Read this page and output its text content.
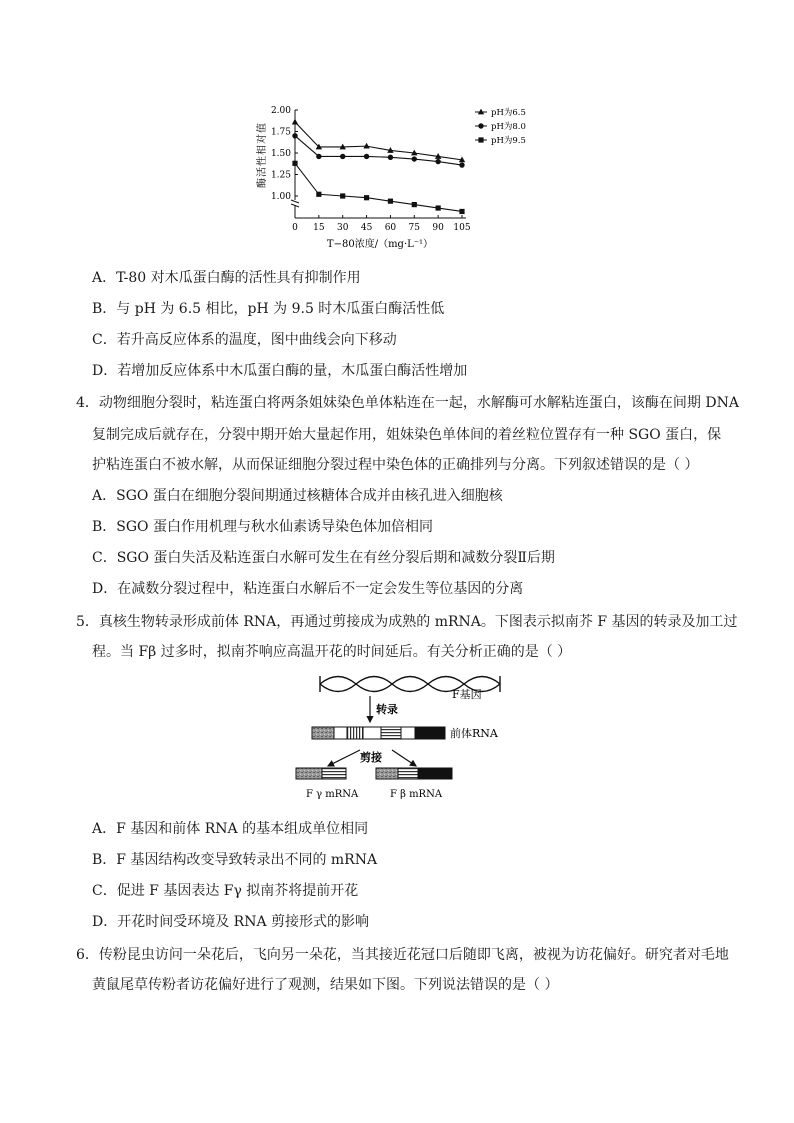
1.00
1.25
1.50
1.75
2.00
0 15 30 45 60 75 90 105
pH为6.5
pH为8.0
pH为9.5
酶活性相对值
T−80浓度/（mg·L⁻¹）
A．T-80 对木瓜蛋白酶的活性具有抑制作用
B．与 pH 为 6.5 相比，pH 为 9.5 时木瓜蛋白酶活性低
C．若升高反应体系的温度，图中曲线会向下移动
D．若增加反应体系中木瓜蛋白酶的量，木瓜蛋白酶活性增加
4．动物细胞分裂时，粘连蛋白将两条姐妹染色单体粘连在一起，水解酶可水解粘连蛋白，该酶在间期 DNA
复制完成后就存在，分裂中期开始大量起作用，姐妹染色单体间的着丝粒位置存有一种 SGO 蛋白，保
护粘连蛋白不被水解，从而保证细胞分裂过程中染色体的正确排列与分离。下列叙述错误的是（ ）
A．SGO 蛋白在细胞分裂间期通过核糖体合成并由核孔进入细胞核
B．SGO 蛋白作用机理与秋水仙素诱导染色体加倍相同
C．SGO 蛋白失活及粘连蛋白水解可发生在有丝分裂后期和减数分裂Ⅱ后期
D．在减数分裂过程中，粘连蛋白水解后不一定会发生等位基因的分离
5．真核生物转录形成前体 RNA，再通过剪接成为成熟的 mRNA。下图表示拟南芥 F 基因的转录及加工过
程。当 Fβ 过多时，拟南芥响应高温开花的时间延后。有关分析正确的是（ ）
F基因
转录
前体RNA
剪接
F γ mRNA	F β mRNA
A．F 基因和前体 RNA 的基本组成单位相同
B．F 基因结构改变导致转录出不同的 mRNA
C．促进 F 基因表达 Fγ 拟南芥将提前开花
D．开花时间受环境及 RNA 剪接形式的影响
6．传粉昆虫访问一朵花后，飞向另一朵花，当其接近花冠口后随即飞离，被视为访花偏好。研究者对毛地
黄鼠尾草传粉者访花偏好进行了观测，结果如下图。下列说法错误的是（ ）
